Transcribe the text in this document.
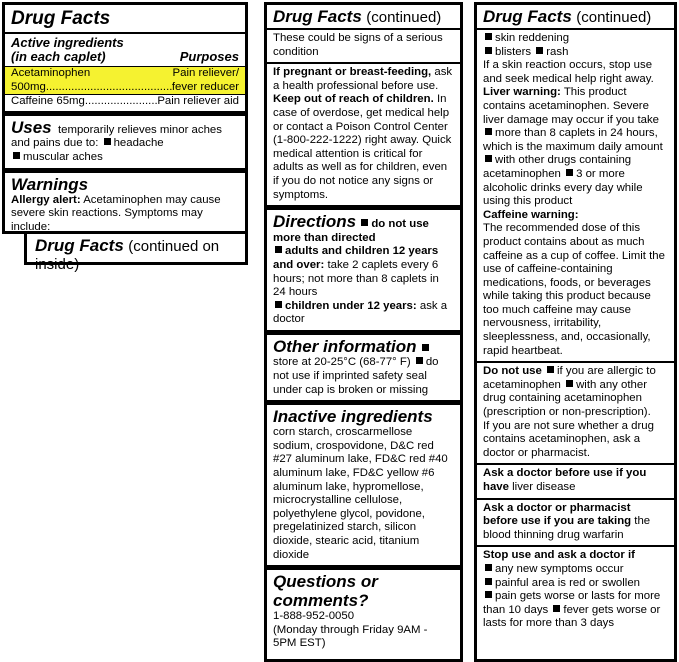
Drug Facts
Active ingredients
(in each caplet)	Purposes
Acetaminophen	Pain reliever/
500mg .....	fever reducer
Caffeine 65mg .....	Pain reliever aid
Uses temporarily relieves minor aches and pains due to: headache
muscular aches
Warnings
Allergy alert: Acetaminophen may cause severe skin reactions. Symptoms may include:
Drug Facts (continued on inside)
Drug Facts (continued)
These could be signs of a serious condition
If pregnant or breast-feeding, ask a health professional before use.
Keep out of reach of children. In case of overdose, get medical help or contact a Poison Control Center (1-800-222-1222) right away. Quick medical attention is critical for adults as well as for children, even if you do not notice any signs or symptoms.
Directions do not use more than directed
adults and children 12 years and over: take 2 caplets every 6 hours; not more than 8 caplets in 24 hours
children under 12 years: ask a doctor
Other information store at 20-25°C (68-77° F) do not use if imprinted safety seal under cap is broken or missing
Inactive ingredients
corn starch, croscarmellose sodium, crospovidone, D&C red #27 aluminum lake, FD&C red #40 aluminum lake, FD&C yellow #6 aluminum lake, hypromellose, microcrystalline cellulose, polyethylene glycol, povidone, pregelatinized starch, silicon dioxide, stearic acid, titanium dioxide
Questions or comments?
1-888-952-0050
(Monday through Friday 9AM - 5PM EST)
Drug Facts (continued)
skin reddening
blisters rash
If a skin reaction occurs, stop use and seek medical help right away.
Liver warning: This product contains acetaminophen. Severe liver damage may occur if you take
more than 8 caplets in 24 hours, which is the maximum daily amount
with other drugs containing acetaminophen 3 or more alcoholic drinks every day while using this product
Caffeine warning:
The recommended dose of this product contains about as much caffeine as a cup of coffee. Limit the use of caffeine-containing medications, foods, or beverages while taking this product because too much caffeine may cause nervousness, irritability, sleeplessness, and, occasionally, rapid heartbeat.
Do not use if you are allergic to acetaminophen with any other drug containing acetaminophen (prescription or non-prescription).
If you are not sure whether a drug contains acetaminophen, ask a doctor or pharmacist.
Ask a doctor before use if you have liver disease
Ask a doctor or pharmacist before use if you are taking the blood thinning drug warfarin
Stop use and ask a doctor if
any new symptoms occur
painful area is red or swollen
pain gets worse or lasts for more than 10 days fever gets worse or lasts for more than 3 days
